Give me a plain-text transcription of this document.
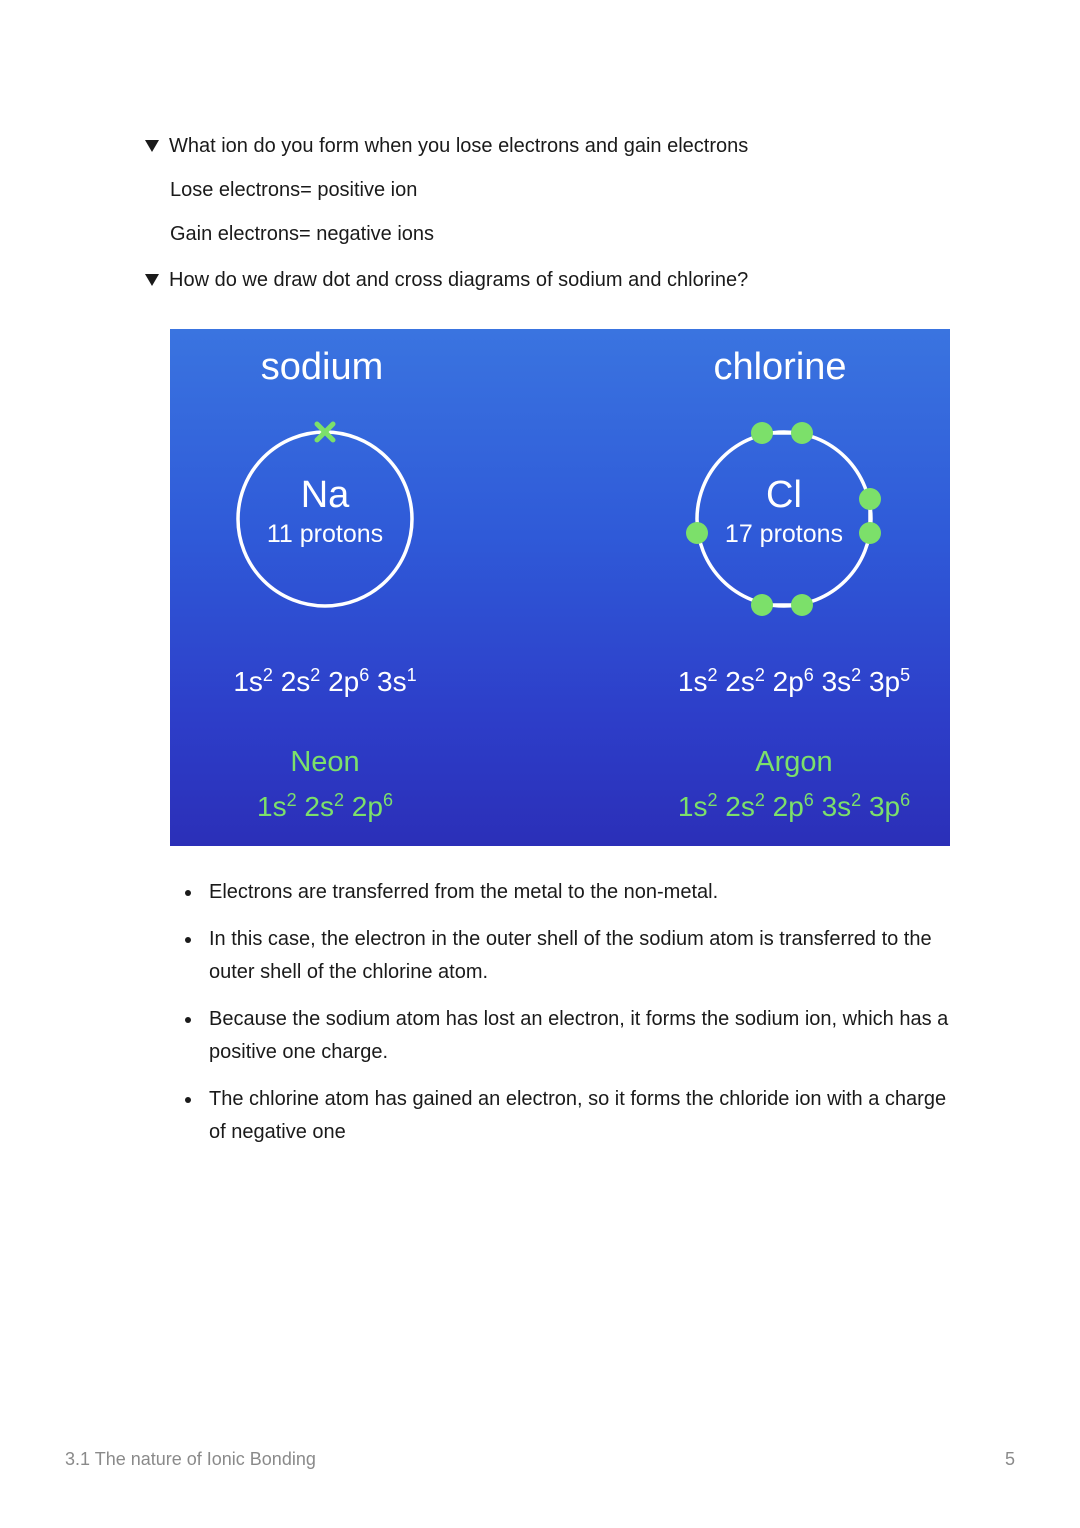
What ion do you form when you lose electrons and gain electrons
Lose electrons= positive ion
Gain electrons= negative ions
How do we draw dot and cross diagrams of sodium and chlorine?
sodium
Na
11 protons
$1s^2$ $2s^2$ $2p^6$ $3s^1$
Neon
$1s^2$ $2s^2$ $2p^6$
chlorine
Cl
17 protons
$1s^2$ $2s^2$ $2p^6$ $3s^2$ $3p^5$
Argon
$1s^2$ $2s^2$ $2p^6$ $3s^2$ $3p^6$
Electrons are transferred from the metal to the non-metal.
In this case, the electron in the outer shell of the sodium atom is transferred to the outer shell of the chlorine atom.
Because the sodium atom has lost an electron, it forms the sodium ion, which has a positive one charge.
The chlorine atom has gained an electron, so it forms the chloride ion with a charge of negative one
3.1 The nature of Ionic Bonding	5
